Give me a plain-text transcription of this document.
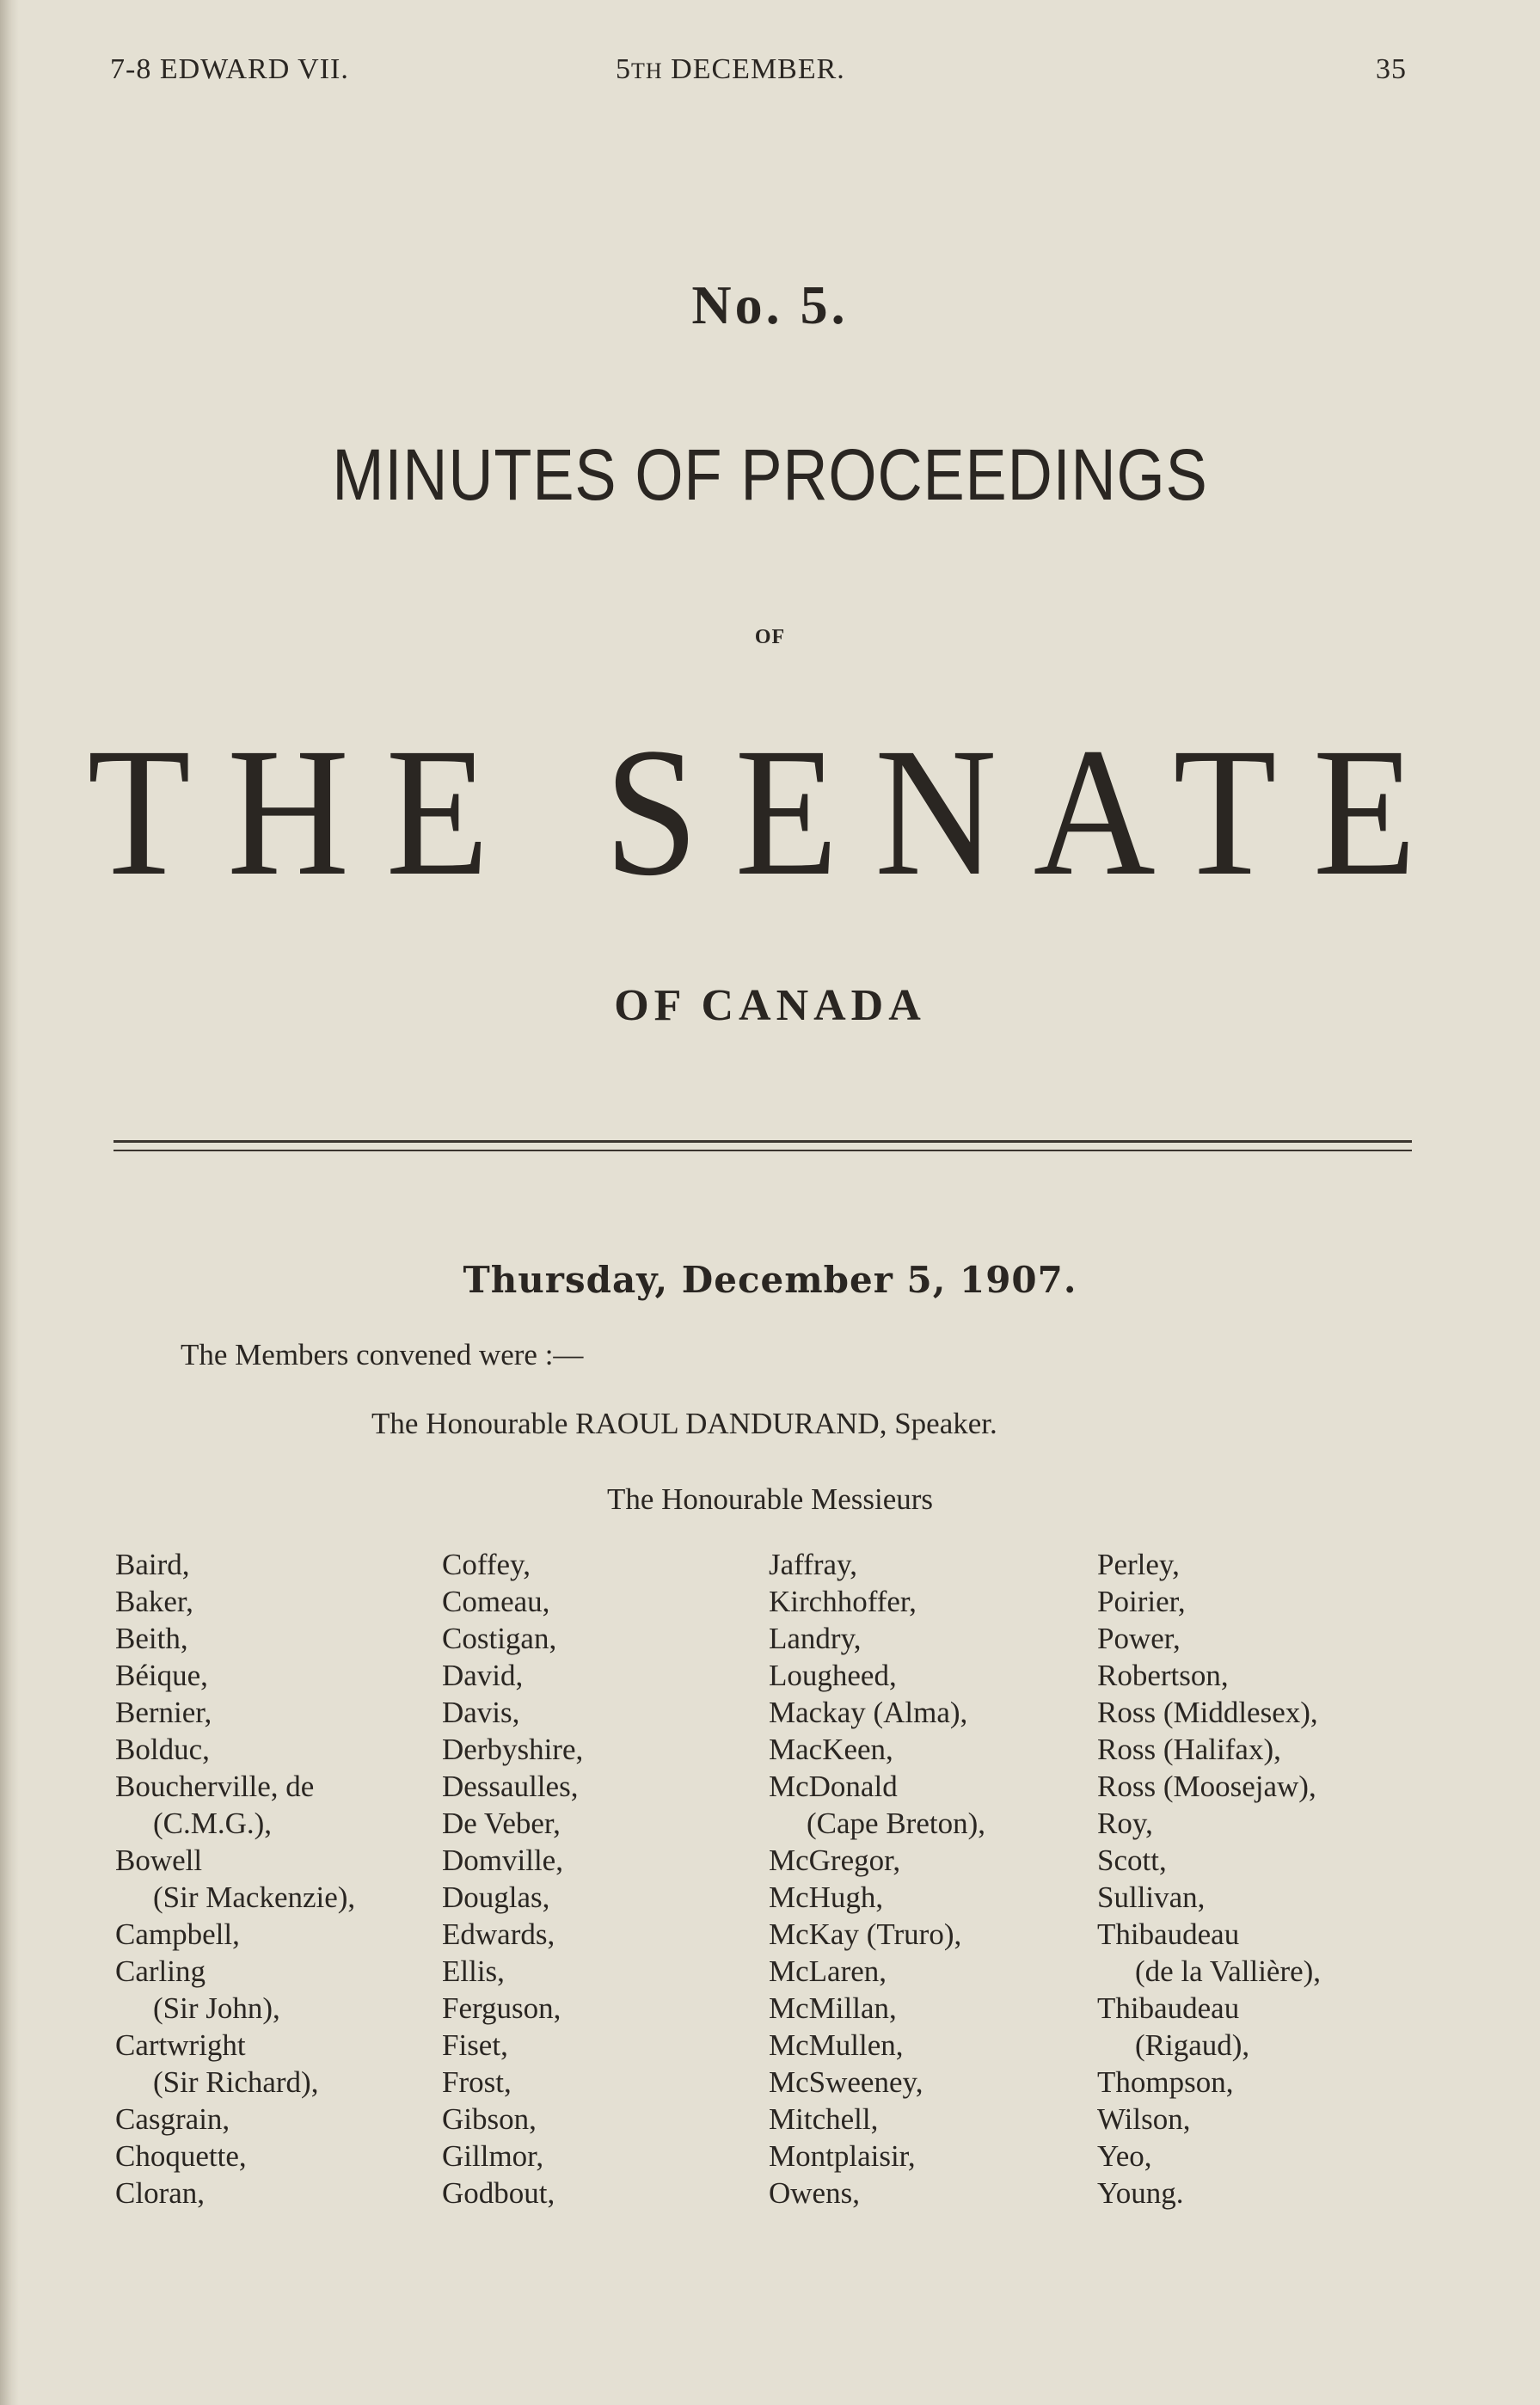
7-8 EDWARD VII.	5TH DECEMBER.	35
No. 5.
MINUTES OF PROCEEDINGS
OF
THE SENATE
OF CANADA
Thursday, December 5, 1907.
The Members convened were :—
The Honourable RAOUL DANDURAND, Speaker.
The Honourable Messieurs
Baird,
Baker,
Beith,
Béique,
Bernier,
Bolduc,
Boucherville, de
(C.M.G.),
Bowell
(Sir Mackenzie),
Campbell,
Carling
(Sir John),
Cartwright
(Sir Richard),
Casgrain,
Choquette,
Cloran,
Coffey,
Comeau,
Costigan,
David,
Davis,
Derbyshire,
Dessaulles,
De Veber,
Domville,
Douglas,
Edwards,
Ellis,
Ferguson,
Fiset,
Frost,
Gibson,
Gillmor,
Godbout,
Jaffray,
Kirchhoffer,
Landry,
Lougheed,
Mackay (Alma),
MacKeen,
McDonald
(Cape Breton),
McGregor,
McHugh,
McKay (Truro),
McLaren,
McMillan,
McMullen,
McSweeney,
Mitchell,
Montplaisir,
Owens,
Perley,
Poirier,
Power,
Robertson,
Ross (Middlesex),
Ross (Halifax),
Ross (Moosejaw),
Roy,
Scott,
Sullivan,
Thibaudeau
(de la Vallière),
Thibaudeau
(Rigaud),
Thompson,
Wilson,
Yeo,
Young.
